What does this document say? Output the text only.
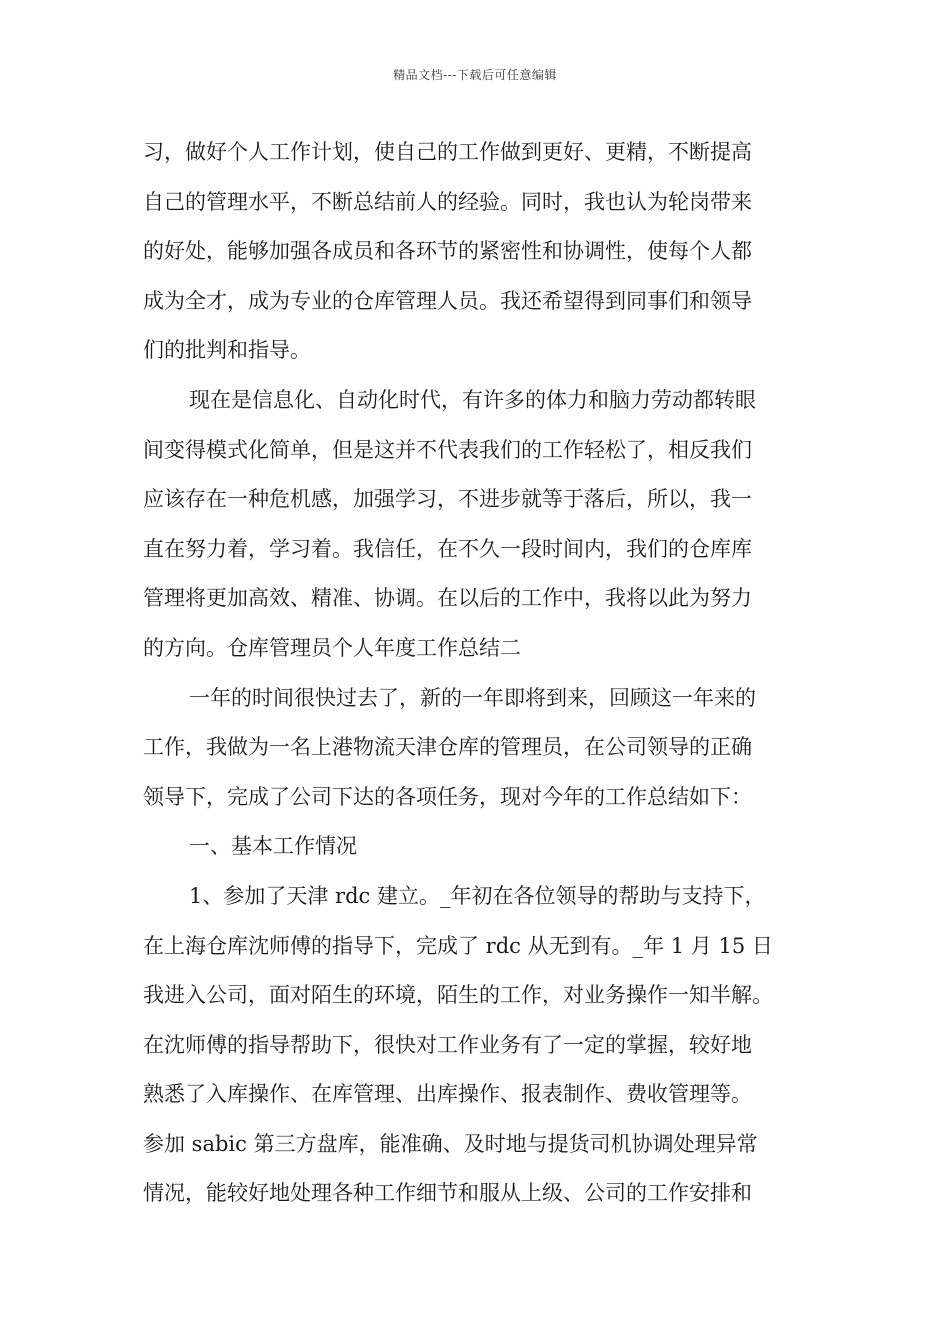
精品文档---下载后可任意编辑
习，做好个人工作计划，使自己的工作做到更好、更精，不断提高
自己的管理水平，不断总结前人的经验。同时，我也认为轮岗带来
的好处，能够加强各成员和各环节的紧密性和协调性，使每个人都
成为全才，成为专业的仓库管理人员。我还希望得到同事们和领导
们的批判和指导。
现在是信息化、自动化时代，有许多的体力和脑力劳动都转眼
间变得模式化简单，但是这并不代表我们的工作轻松了，相反我们
应该存在一种危机感，加强学习，不进步就等于落后，所以，我一
直在努力着，学习着。我信任，在不久一段时间内，我们的仓库库
管理将更加高效、精准、协调。在以后的工作中，我将以此为努力
的方向。仓库管理员个人年度工作总结二
一年的时间很快过去了，新的一年即将到来，回顾这一年来的
工作，我做为一名上港物流天津仓库的管理员，在公司领导的正确
领导下，完成了公司下达的各项任务，现对今年的工作总结如下：
一、基本工作情况
1、参加了天津 rdc 建立。_年初在各位领导的帮助与支持下，
在上海仓库沈师傅的指导下，完成了 rdc 从无到有。_年 1 月 15 日
我进入公司，面对陌生的环境，陌生的工作，对业务操作一知半解。
在沈师傅的指导帮助下，很快对工作业务有了一定的掌握，较好地
熟悉了入库操作、在库管理、出库操作、报表制作、费收管理等。
参加 sabic 第三方盘库，能准确、及时地与提货司机协调处理异常
情况，能较好地处理各种工作细节和服从上级、公司的工作安排和
